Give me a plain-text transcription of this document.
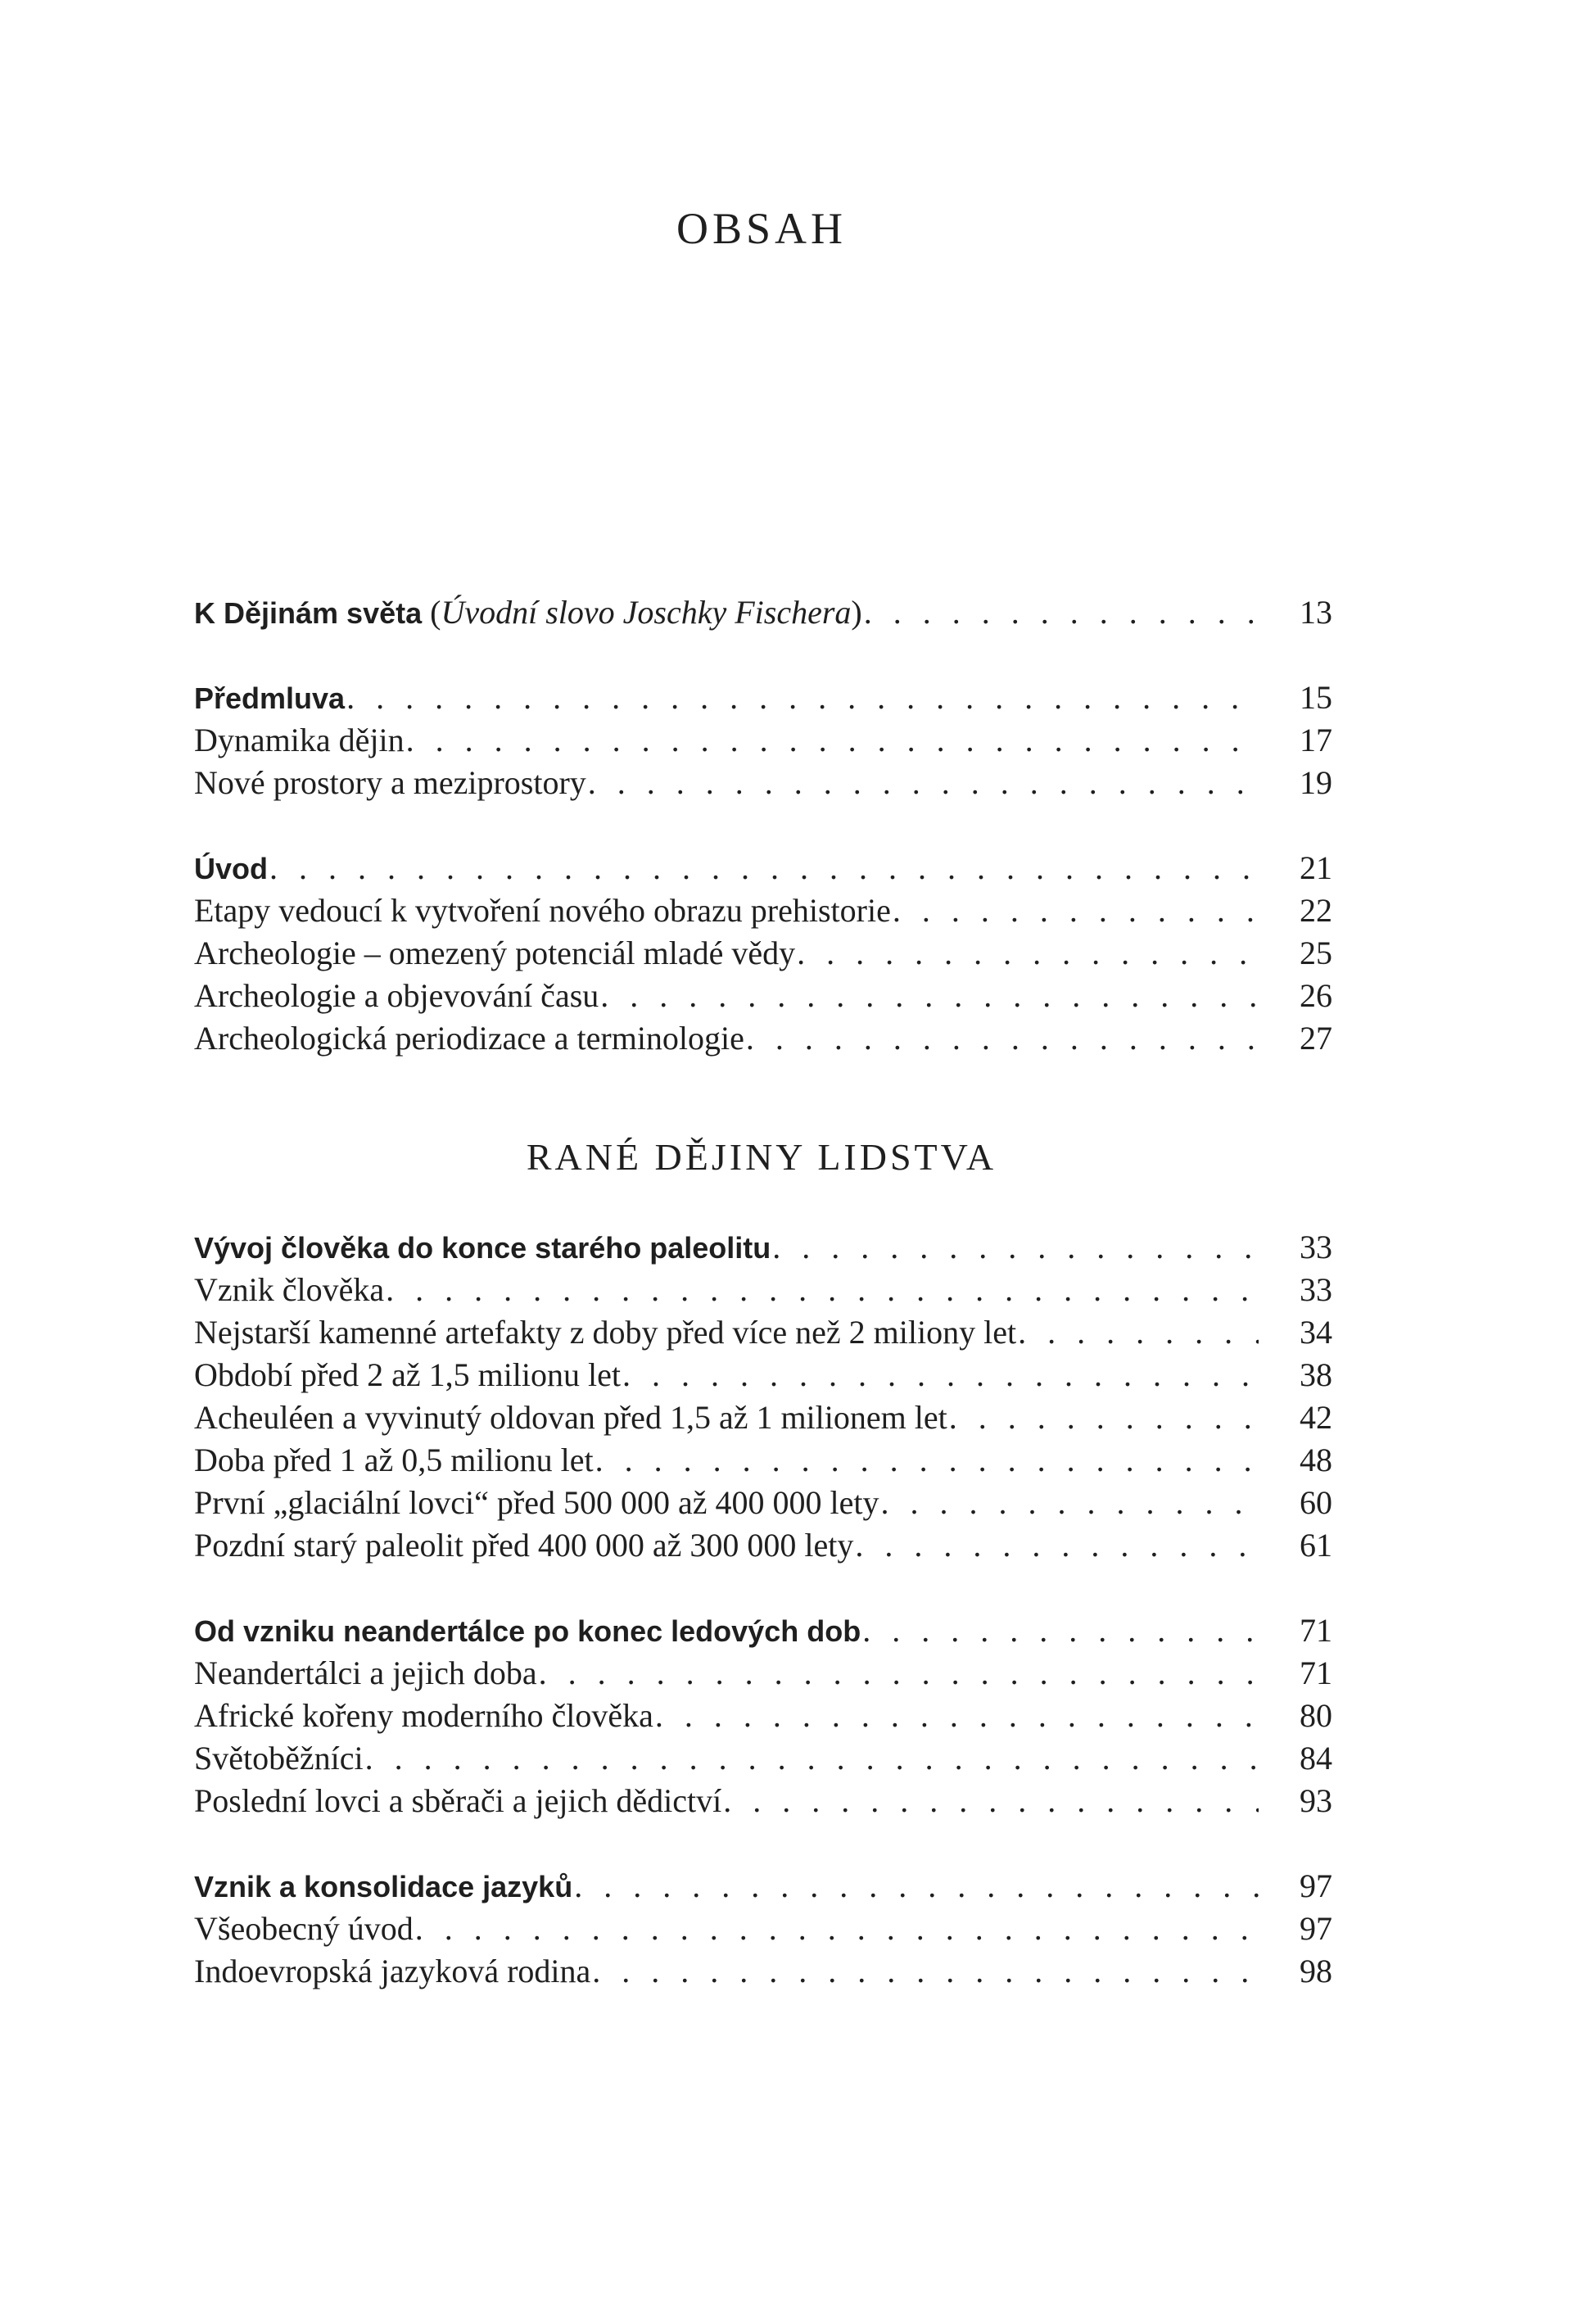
OBSAH
K Dějinám světa (Úvodní slovo Joschky Fischera) . . .	13
Předmluva . . .	15
Dynamika dějin . . .	17
Nové prostory a meziprostory . . .	19
Úvod . . .	21
Etapy vedoucí k vytvoření nového obrazu prehistorie . . .	22
Archeologie – omezený potenciál mladé vědy . . .	25
Archeologie a objevování času . . .	26
Archeologická periodizace a terminologie . . .	27
RANÉ DĚJINY LIDSTVA
Vývoj člověka do konce starého paleolitu . . .	33
Vznik člověka . . .	33
Nejstarší kamenné artefakty z doby před více než 2 miliony let . . .	34
Období před 2 až 1,5 milionu let . . .	38
Acheuléen a vyvinutý oldovan před 1,5 až 1 milionem let . . .	42
Doba před 1 až 0,5 milionu let . . .	48
První „glaciální lovci“ před 500 000 až 400 000 lety . . .	60
Pozdní starý paleolit před 400 000 až 300 000 lety . . .	61
Od vzniku neandertálce po konec ledových dob . . .	71
Neandertálci a jejich doba . . .	71
Africké kořeny moderního člověka . . .	80
Světoběžníci . . .	84
Poslední lovci a sběrači a jejich dědictví . . .	93
Vznik a konsolidace jazyků . . .	97
Všeobecný úvod . . .	97
Indoevropská jazyková rodina . . .	98
